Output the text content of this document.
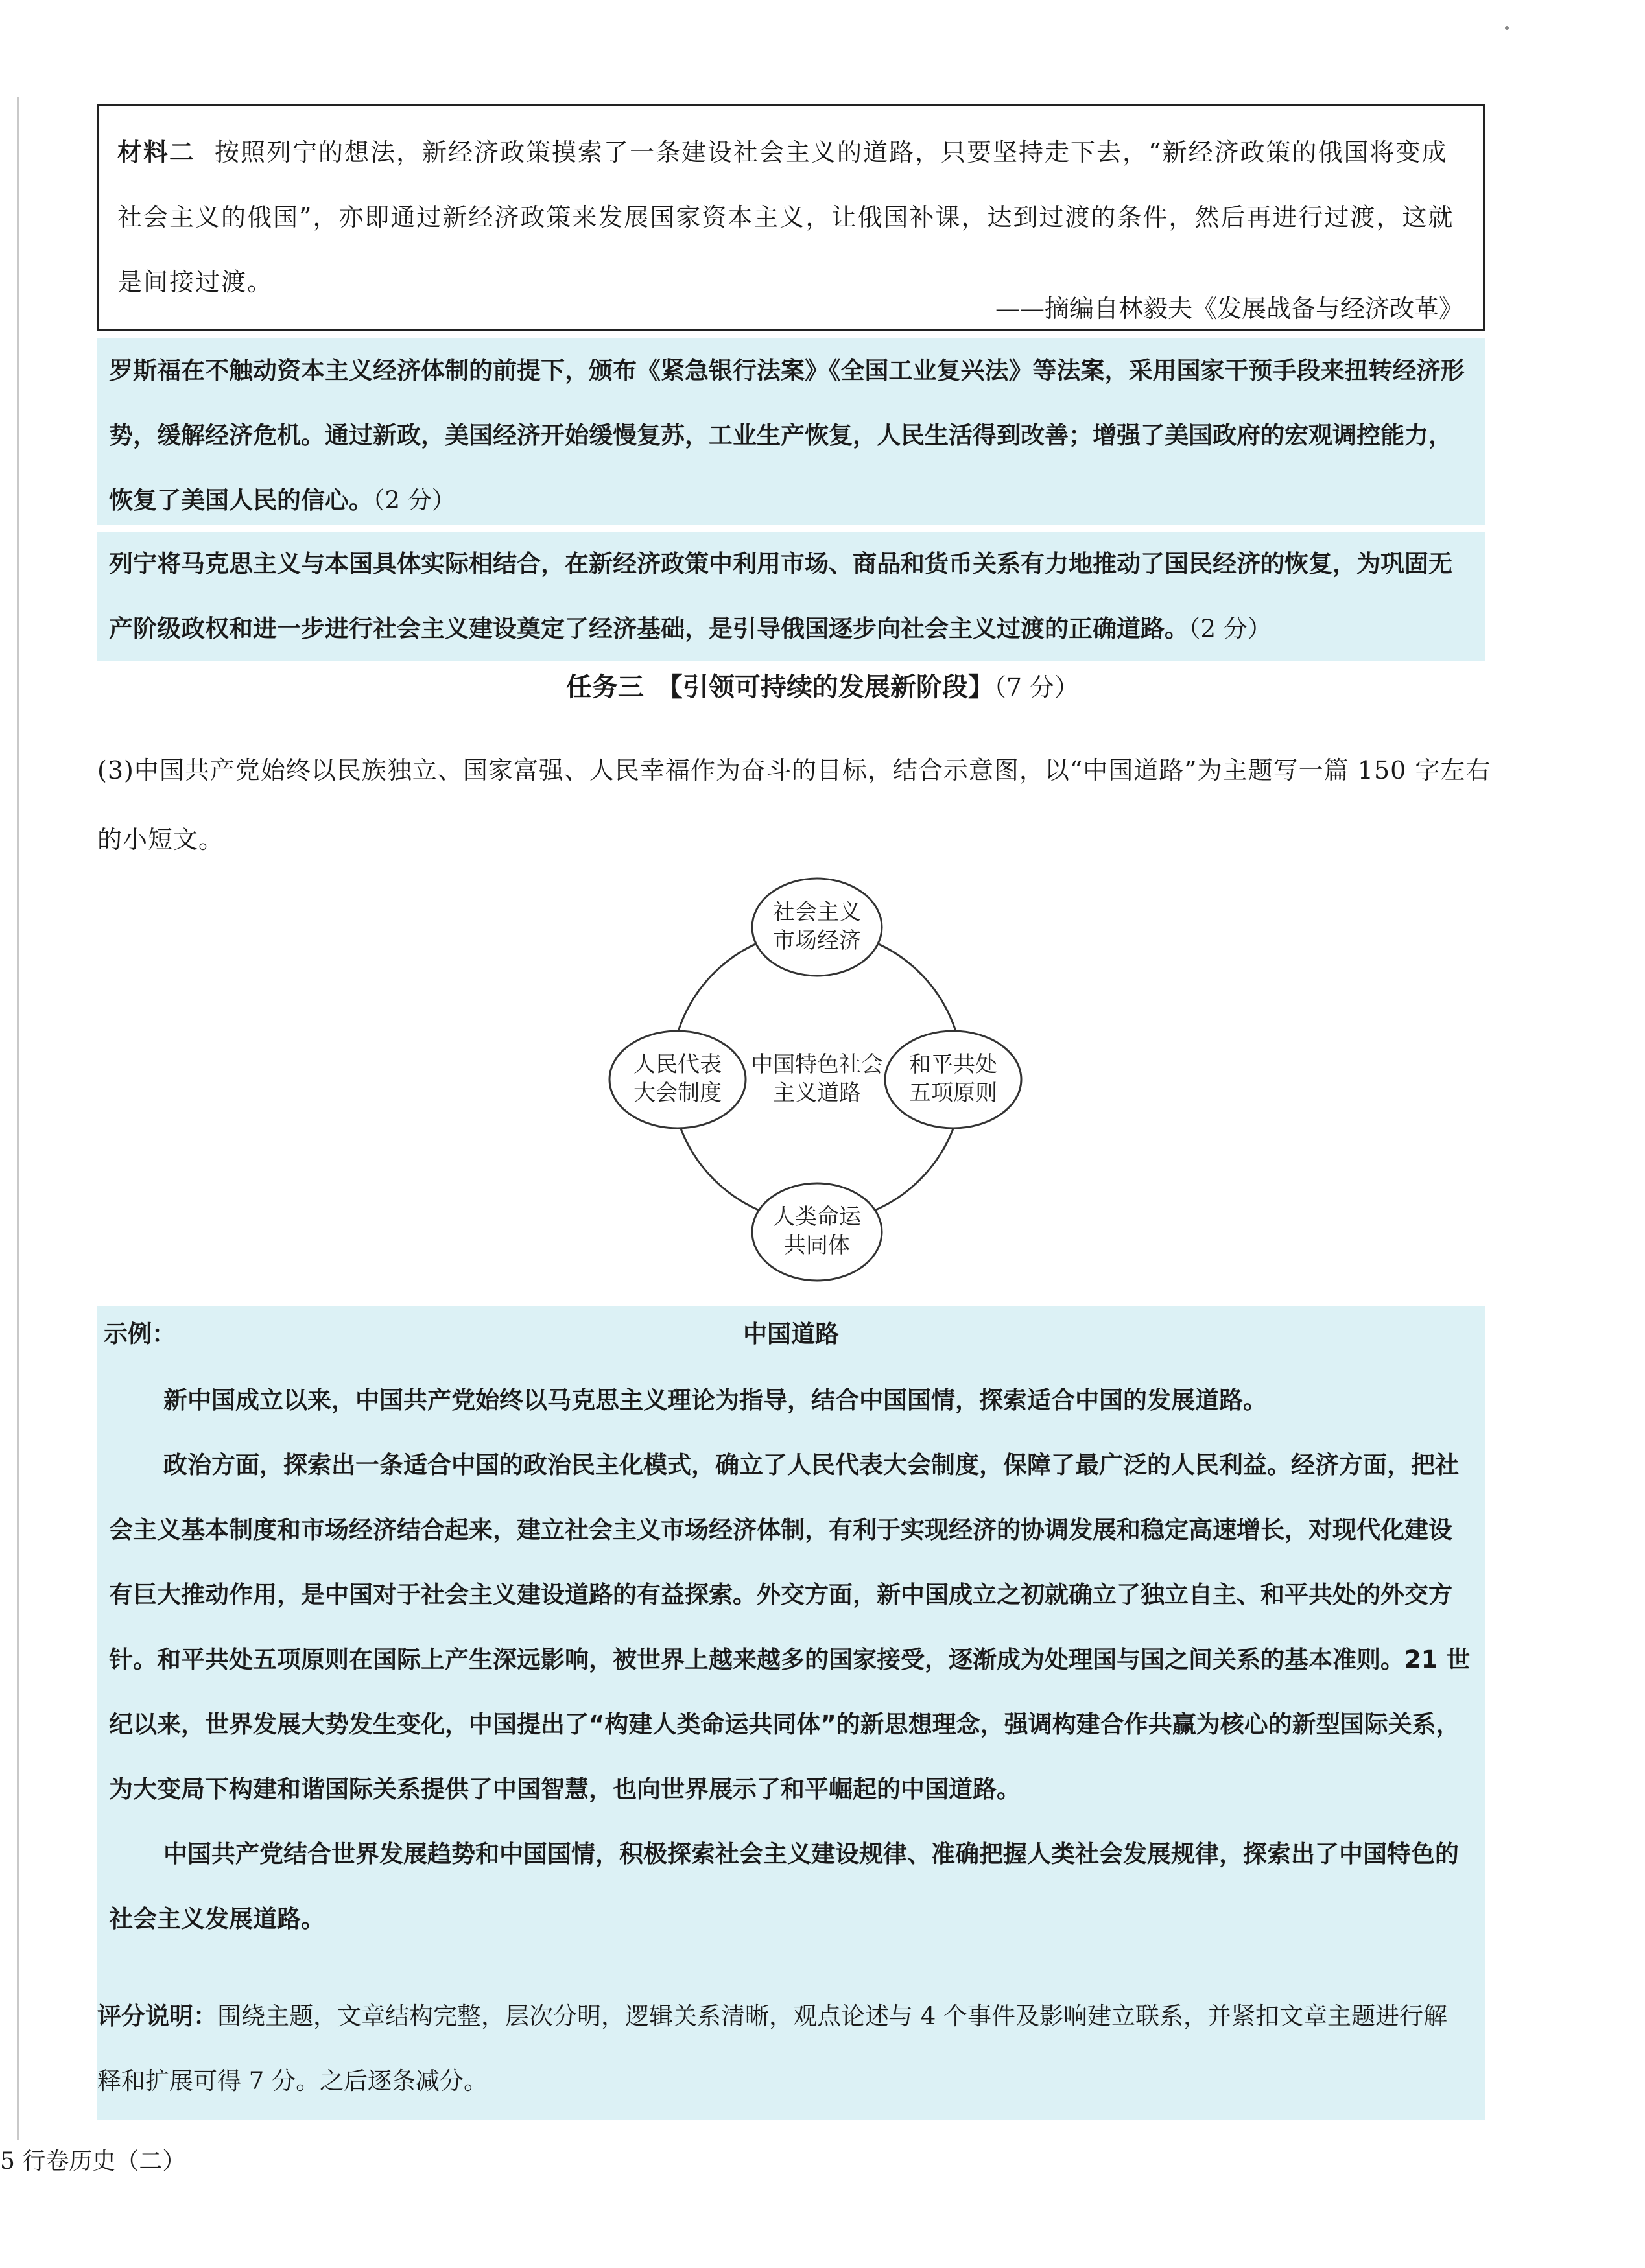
材料二 按照列宁的想法，新经济政策摸索了一条建设社会主义的道路，只要坚持走下去，“新经济政策的俄国将变成社会主义的俄国”，亦即通过新经济政策来发展国家资本主义，让俄国补课，达到过渡的条件，然后再进行过渡，这就是间接过渡。

——摘编自林毅夫《发展战备与经济改革》

罗斯福在不触动资本主义经济体制的前提下，颁布《紧急银行法案》《全国工业复兴法》等法案，采用国家干预手段来扭转经济形势，缓解经济危机。通过新政，美国经济开始缓慢复苏，工业生产恢复，人民生活得到改善；增强了美国政府的宏观调控能力，恢复了美国人民的信心。（2 分）

列宁将马克思主义与本国具体实际相结合，在新经济政策中利用市场、商品和货币关系有力地推动了国民经济的恢复，为巩固无产阶级政权和进一步进行社会主义建设奠定了经济基础，是引导俄国逐步向社会主义过渡的正确道路。（2 分）

任务三　【引领可持续的发展新阶段】（7 分）

(3)中国共产党始终以民族独立、国家富强、人民幸福作为奋斗的目标，结合示意图，以“中国道路”为主题写一篇 150 字左右的小短文。

社会主义
市场经济
人民代表
大会制度
中国特色社会
主义道路
和平共处
五项原则
人类命运
共同体
示例：	中国道路

新中国成立以来，中国共产党始终以马克思主义理论为指导，结合中国国情，探索适合中国的发展道路。

政治方面，探索出一条适合中国的政治民主化模式，确立了人民代表大会制度，保障了最广泛的人民利益。经济方面，把社会主义基本制度和市场经济结合起来，建立社会主义市场经济体制，有利于实现经济的协调发展和稳定高速增长，对现代化建设有巨大推动作用，是中国对于社会主义建设道路的有益探索。外交方面，新中国成立之初就确立了独立自主、和平共处的外交方针。和平共处五项原则在国际上产生深远影响，被世界上越来越多的国家接受，逐渐成为处理国与国之间关系的基本准则。21 世纪以来，世界发展大势发生变化，中国提出了“构建人类命运共同体”的新思想理念，强调构建合作共赢为核心的新型国际关系，为大变局下构建和谐国际关系提供了中国智慧，也向世界展示了和平崛起的中国道路。

中国共产党结合世界发展趋势和中国国情，积极探索社会主义建设规律、准确把握人类社会发展规律，探索出了中国特色的社会主义发展道路。

评分说明：围绕主题，文章结构完整，层次分明，逻辑关系清晰，观点论述与 4 个事件及影响建立联系，并紧扣文章主题进行解释和扩展可得 7 分。之后逐条减分。
5 行卷历史（二）
